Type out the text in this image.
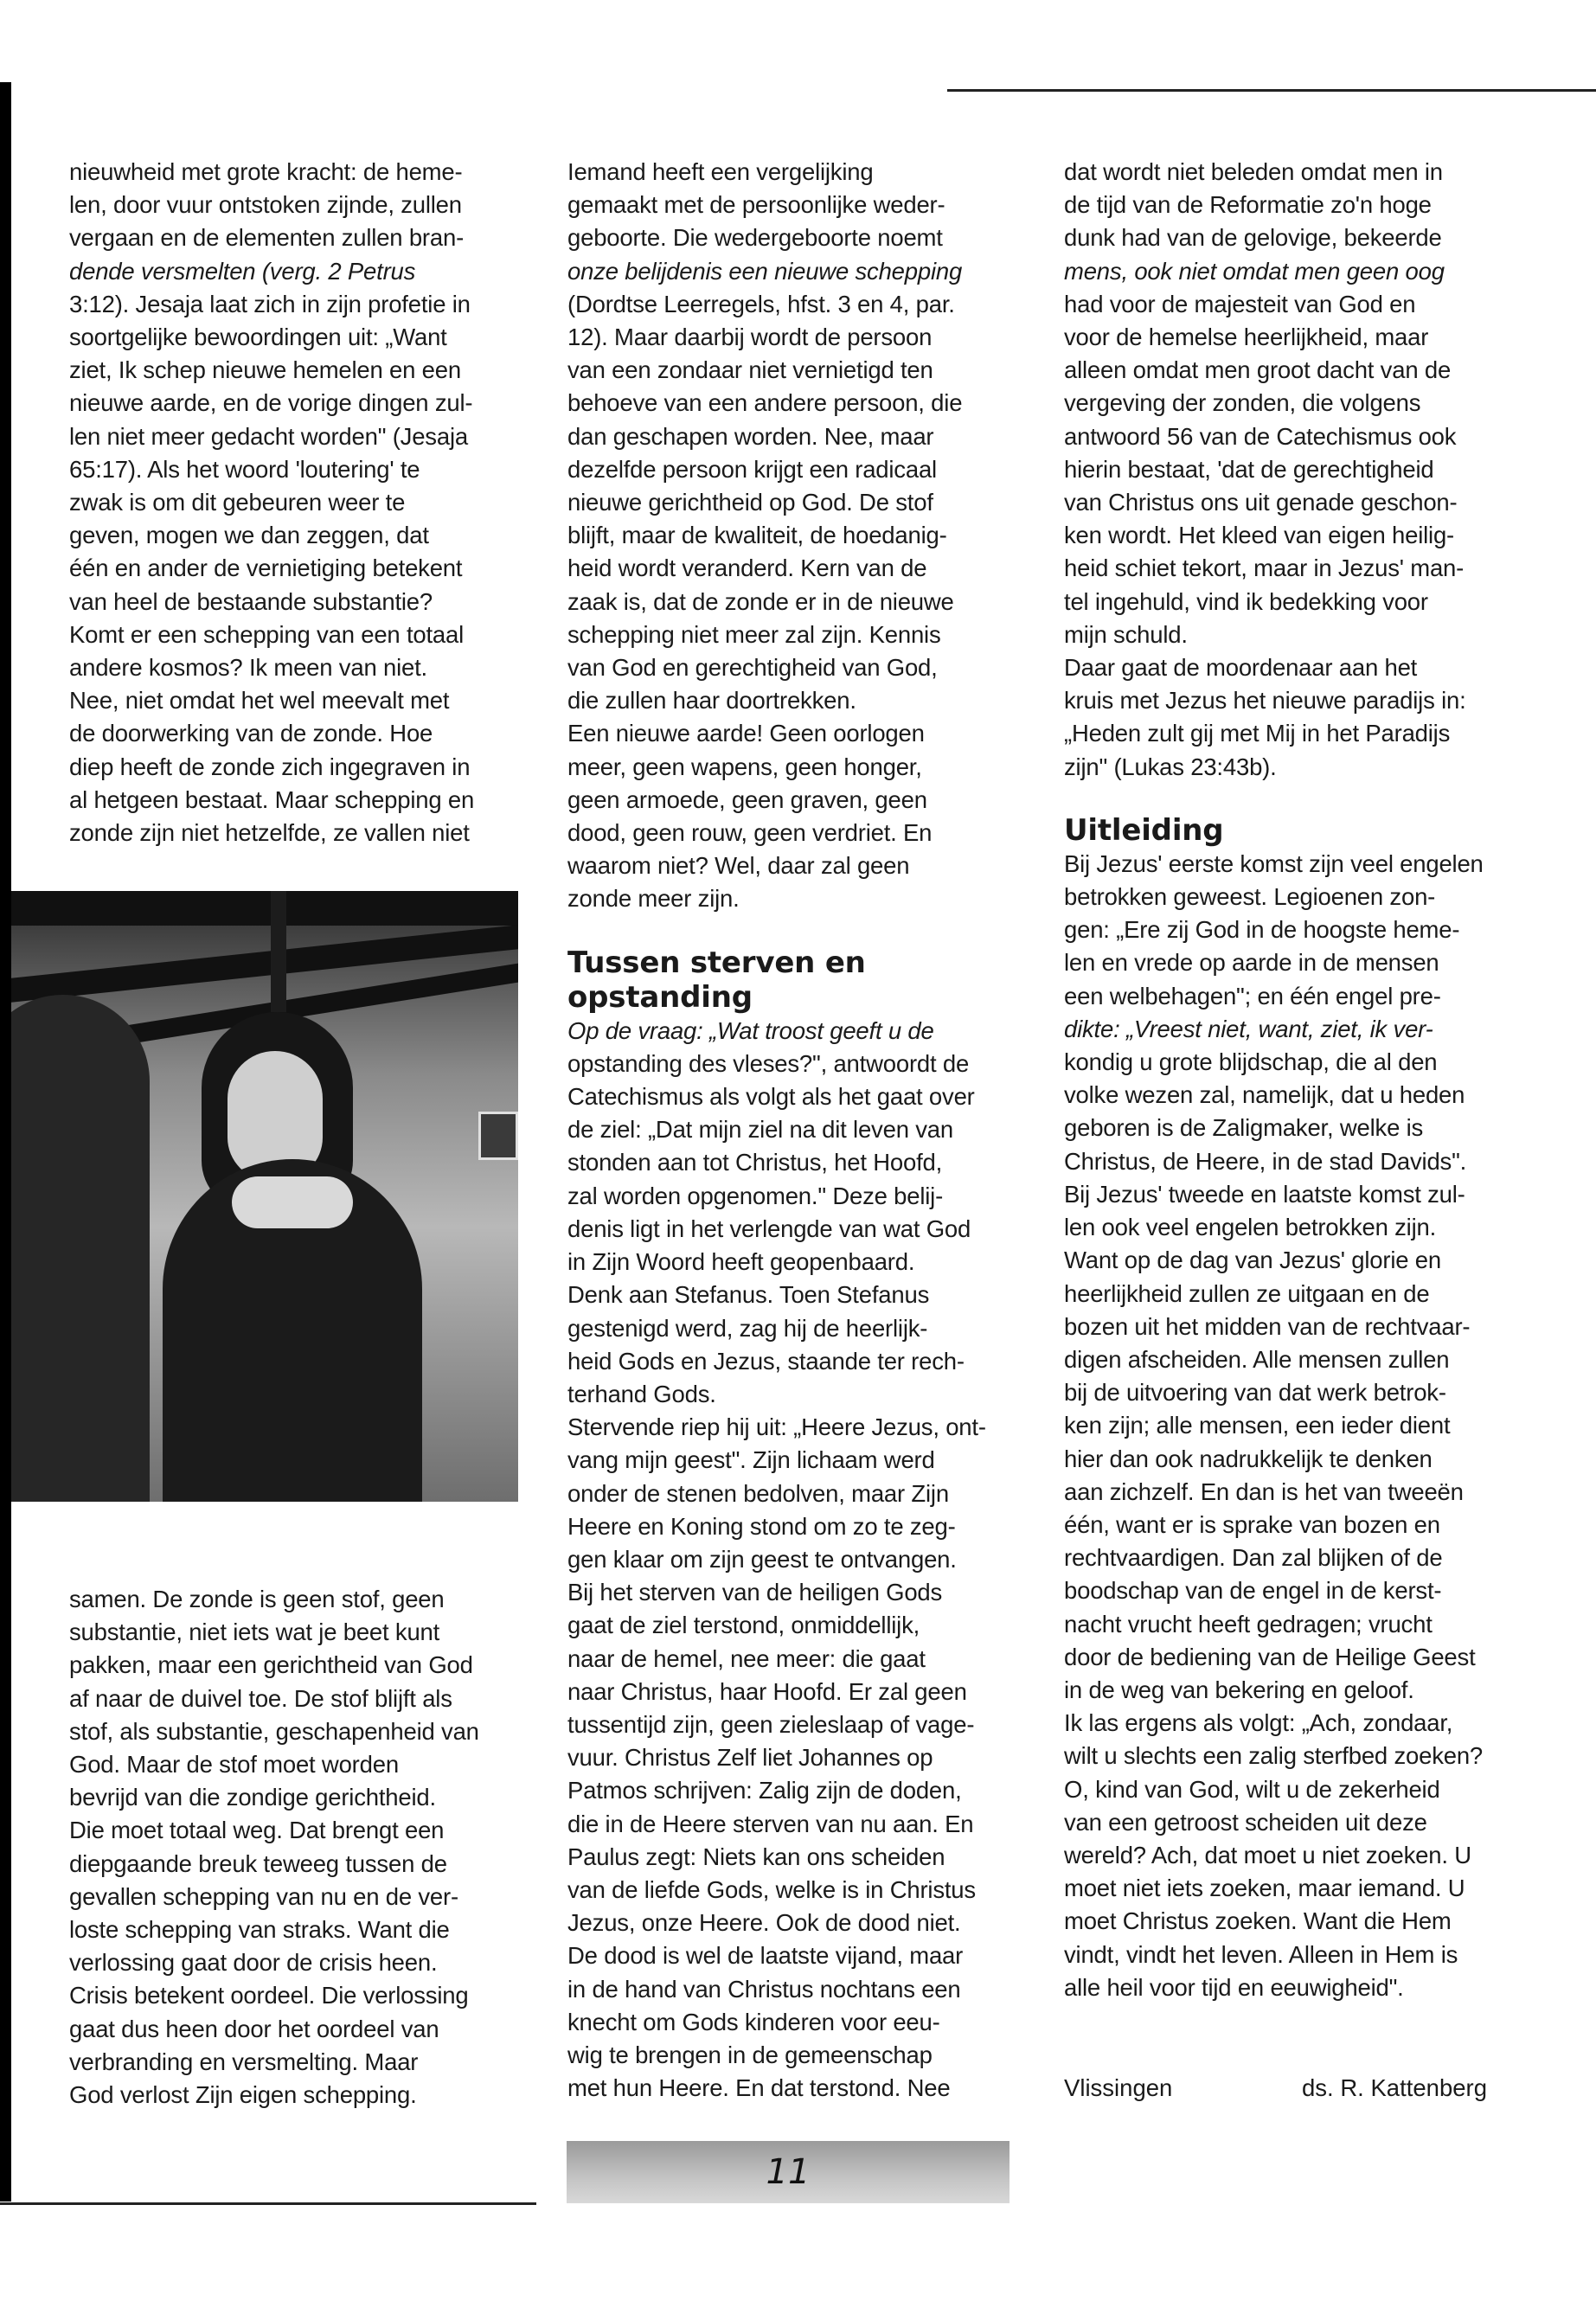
nieuwheid met grote kracht: de heme-

len, door vuur ontstoken zijnde, zullen

vergaan en de elementen zullen bran-

dende versmelten (verg. 2 Petrus

3:12). Jesaja laat zich in zijn profetie in

soortgelijke bewoordingen uit: „Want

ziet, Ik schep nieuwe hemelen en een

nieuwe aarde, en de vorige dingen zul-

len niet meer gedacht worden" (Jesaja

65:17). Als het woord 'loutering' te

zwak is om dit gebeuren weer te

geven, mogen we dan zeggen, dat

één en ander de vernietiging betekent

van heel de bestaande substantie?

Komt er een schepping van een totaal

andere kosmos? Ik meen van niet.

Nee, niet omdat het wel meevalt met

de doorwerking van de zonde. Hoe

diep heeft de zonde zich ingegraven in

al hetgeen bestaat. Maar schepping en

zonde zijn niet hetzelfde, ze vallen niet

samen. De zonde is geen stof, geen

substantie, niet iets wat je beet kunt

pakken, maar een gerichtheid van God

af naar de duivel toe. De stof blijft als

stof, als substantie, geschapenheid van

God. Maar de stof moet worden

bevrijd van die zondige gerichtheid.

Die moet totaal weg. Dat brengt een

diepgaande breuk teweeg tussen de

gevallen schepping van nu en de ver-

loste schepping van straks. Want die

verlossing gaat door de crisis heen.

Crisis betekent oordeel. Die verlossing

gaat dus heen door het oordeel van

verbranding en versmelting. Maar

God verlost Zijn eigen schepping.

Iemand heeft een vergelijking

gemaakt met de persoonlijke weder-

geboorte. Die wedergeboorte noemt

onze belijdenis een nieuwe schepping

(Dordtse Leerregels, hfst. 3 en 4, par.

12). Maar daarbij wordt de persoon

van een zondaar niet vernietigd ten

behoeve van een andere persoon, die

dan geschapen worden. Nee, maar

dezelfde persoon krijgt een radicaal

nieuwe gerichtheid op God. De stof

blijft, maar de kwaliteit, de hoedanig-

heid wordt veranderd. Kern van de

zaak is, dat de zonde er in de nieuwe

schepping niet meer zal zijn. Kennis

van God en gerechtigheid van God,

die zullen haar doortrekken.

Een nieuwe aarde! Geen oorlogen

meer, geen wapens, geen honger,

geen armoede, geen graven, geen

dood, geen rouw, geen verdriet. En

waarom niet? Wel, daar zal geen

zonde meer zijn.

Tussen sterven en

opstanding

Op de vraag: „Wat troost geeft u de

opstanding des vleses?", antwoordt de

Catechismus als volgt als het gaat over

de ziel: „Dat mijn ziel na dit leven van

stonden aan tot Christus, het Hoofd,

zal worden opgenomen." Deze belij-

denis ligt in het verlengde van wat God

in Zijn Woord heeft geopenbaard.

Denk aan Stefanus. Toen Stefanus

gestenigd werd, zag hij de heerlijk-

heid Gods en Jezus, staande ter rech-

terhand Gods.

Stervende riep hij uit: „Heere Jezus, ont-

vang mijn geest". Zijn lichaam werd

onder de stenen bedolven, maar Zijn

Heere en Koning stond om zo te zeg-

gen klaar om zijn geest te ontvangen.

Bij het sterven van de heiligen Gods

gaat de ziel terstond, onmiddellijk,

naar de hemel, nee meer: die gaat

naar Christus, haar Hoofd. Er zal geen

tussentijd zijn, geen zieleslaap of vage-

vuur. Christus Zelf liet Johannes op

Patmos schrijven: Zalig zijn de doden,

die in de Heere sterven van nu aan. En

Paulus zegt: Niets kan ons scheiden

van de liefde Gods, welke is in Christus

Jezus, onze Heere. Ook de dood niet.

De dood is wel de laatste vijand, maar

in de hand van Christus nochtans een

knecht om Gods kinderen voor eeu-

wig te brengen in de gemeenschap

met hun Heere. En dat terstond. Nee

dat wordt niet beleden omdat men in

de tijd van de Reformatie zo'n hoge

dunk had van de gelovige, bekeerde

mens, ook niet omdat men geen oog

had voor de majesteit van God en

voor de hemelse heerlijkheid, maar

alleen omdat men groot dacht van de

vergeving der zonden, die volgens

antwoord 56 van de Catechismus ook

hierin bestaat, 'dat de gerechtigheid

van Christus ons uit genade geschon-

ken wordt. Het kleed van eigen heilig-

heid schiet tekort, maar in Jezus' man-

tel ingehuld, vind ik bedekking voor

mijn schuld.

Daar gaat de moordenaar aan het

kruis met Jezus het nieuwe paradijs in:

„Heden zult gij met Mij in het Paradijs

zijn" (Lukas 23:43b).

Uitleiding

Bij Jezus' eerste komst zijn veel engelen

betrokken geweest. Legioenen zon-

gen: „Ere zij God in de hoogste heme-

len en vrede op aarde in de mensen

een welbehagen"; en één engel pre-

dikte: „Vreest niet, want, ziet, ik ver-

kondig u grote blijdschap, die al den

volke wezen zal, namelijk, dat u heden

geboren is de Zaligmaker, welke is

Christus, de Heere, in de stad Davids".

Bij Jezus' tweede en laatste komst zul-

len ook veel engelen betrokken zijn.

Want op de dag van Jezus' glorie en

heerlijkheid zullen ze uitgaan en de

bozen uit het midden van de rechtvaar-

digen afscheiden. Alle mensen zullen

bij de uitvoering van dat werk betrok-

ken zijn; alle mensen, een ieder dient

hier dan ook nadrukkelijk te denken

aan zichzelf. En dan is het van tweeën

één, want er is sprake van bozen en

rechtvaardigen. Dan zal blijken of de

boodschap van de engel in de kerst-

nacht vrucht heeft gedragen; vrucht

door de bediening van de Heilige Geest

in de weg van bekering en geloof.

Ik las ergens als volgt: „Ach, zondaar,

wilt u slechts een zalig sterfbed zoeken?

O, kind van God, wilt u de zekerheid

van een getroost scheiden uit deze

wereld? Ach, dat moet u niet zoeken. U

moet niet iets zoeken, maar iemand. U

moet Christus zoeken. Want die Hem

vindt, vindt het leven. Alleen in Hem is

alle heil voor tijd en eeuwigheid".

Vlissingen	ds. R. Kattenberg
11
